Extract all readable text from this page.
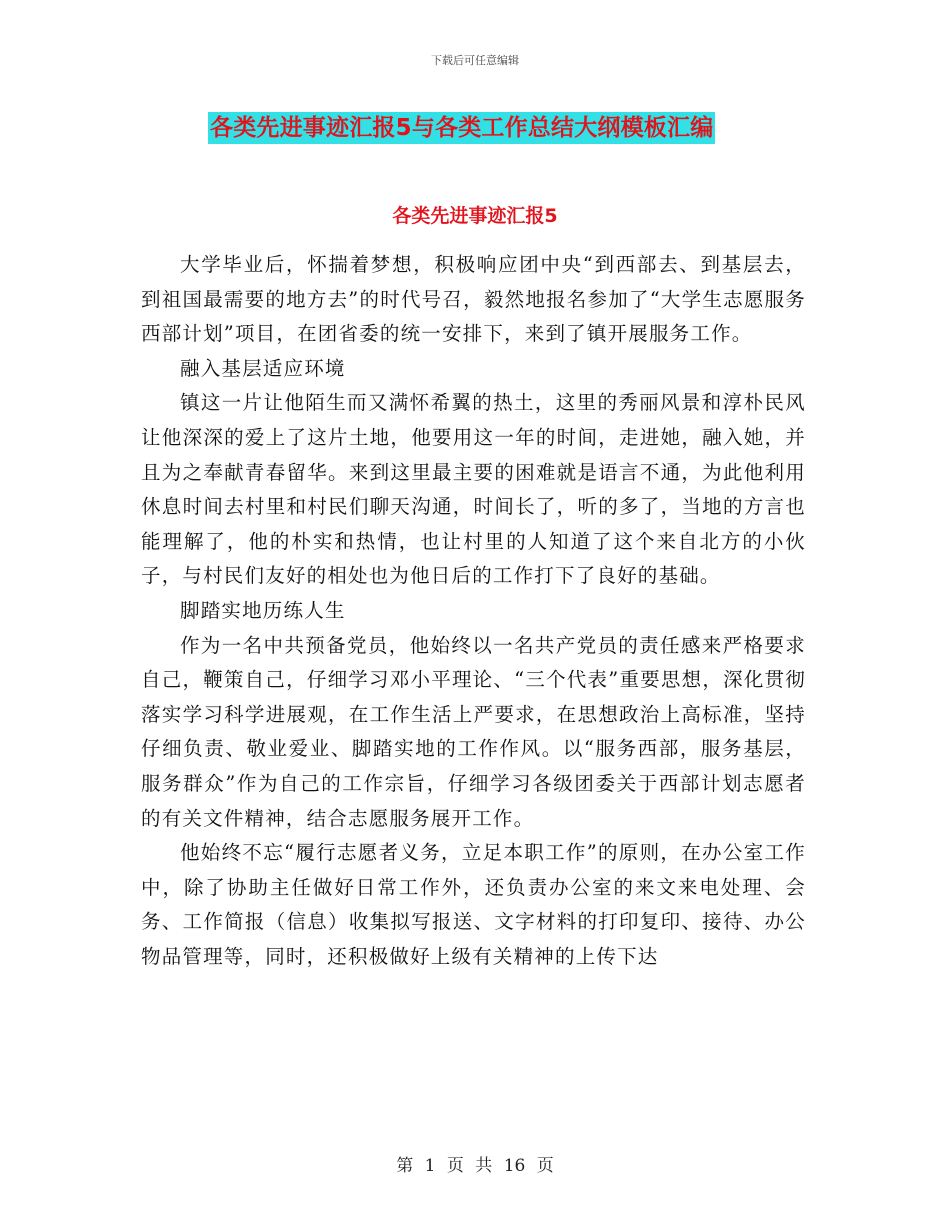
下载后可任意编辑
各类先进事迹汇报5与各类工作总结大纲模板汇编
各类先进事迹汇报5

大学毕业后，怀揣着梦想，积极响应团中央“到西部去、到基层去，到祖国最需要的地方去”的时代号召，毅然地报名参加了“大学生志愿服务西部计划”项目，在团省委的统一安排下，来到了镇开展服务工作。

融入基层适应环境

镇这一片让他陌生而又满怀希翼的热土，这里的秀丽风景和淳朴民风让他深深的爱上了这片土地，他要用这一年的时间，走进她，融入她，并且为之奉献青春留华。来到这里最主要的困难就是语言不通，为此他利用休息时间去村里和村民们聊天沟通，时间长了，听的多了，当地的方言也能理解了，他的朴实和热情，也让村里的人知道了这个来自北方的小伙子，与村民们友好的相处也为他日后的工作打下了良好的基础。

脚踏实地历练人生

作为一名中共预备党员，他始终以一名共产党员的责任感来严格要求自己，鞭策自己，仔细学习邓小平理论、“三个代表”重要思想，深化贯彻落实学习科学进展观，在工作生活上严要求，在思想政治上高标准，坚持仔细负责、敬业爱业、脚踏实地的工作作风。以“服务西部，服务基层，服务群众”作为自己的工作宗旨，仔细学习各级团委关于西部计划志愿者的有关文件精神，结合志愿服务展开工作。

他始终不忘“履行志愿者义务，立足本职工作”的原则，在办公室工作中，除了协助主任做好日常工作外，还负责办公室的来文来电处理、会务、工作简报（信息）收集拟写报送、文字材料的打印复印、接待、办公物品管理等，同时，还积极做好上级有关精神的上传下达

第 1 页 共 16 页
